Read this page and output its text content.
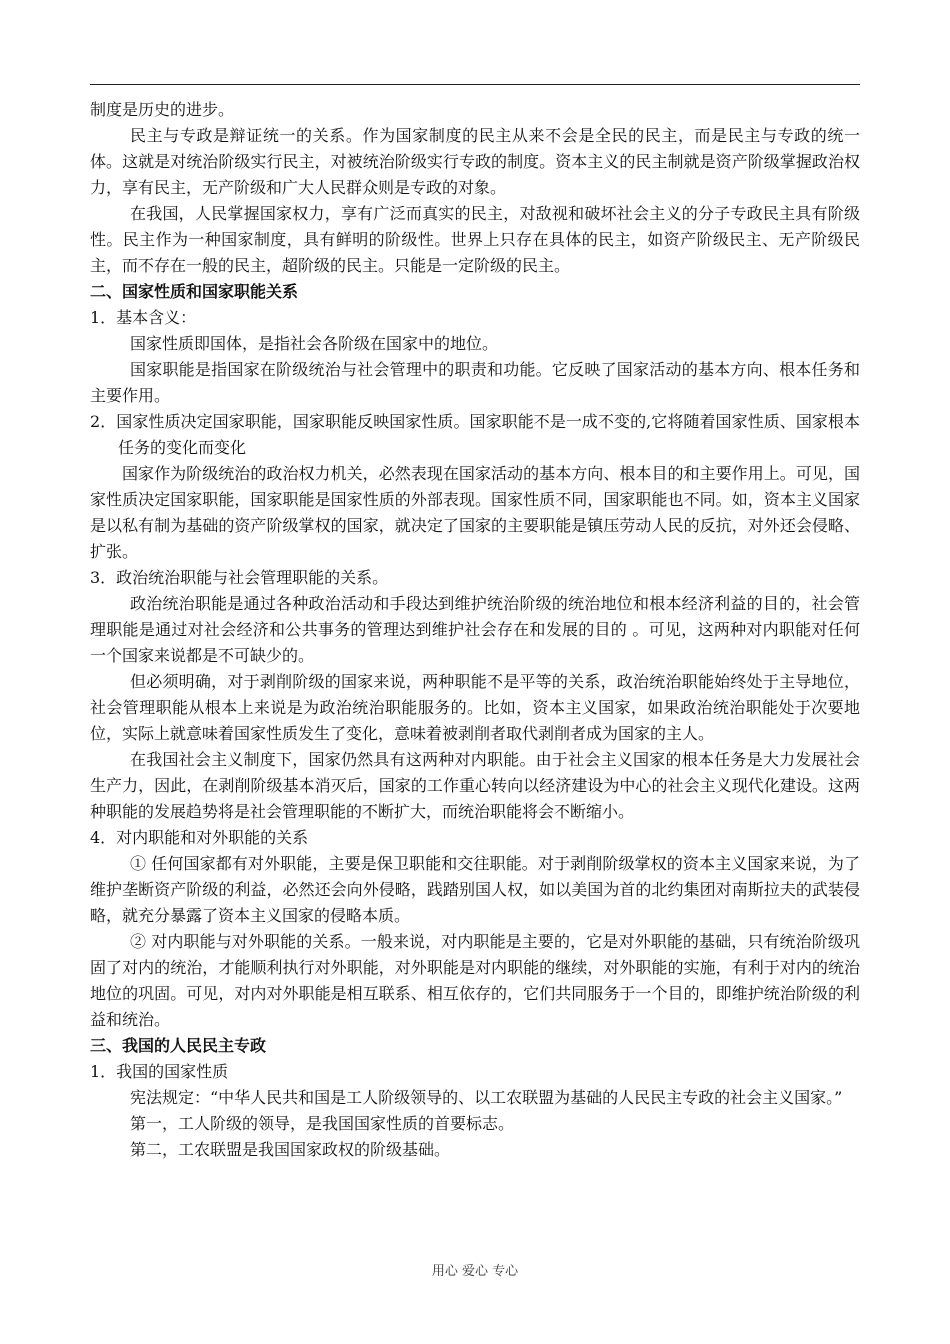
制度是历史的进步。

民主与专政是辩证统一的关系。作为国家制度的民主从来不会是全民的民主，而是民主与专政的统一体。这就是对统治阶级实行民主，对被统治阶级实行专政的制度。资本主义的民主制就是资产阶级掌握政治权力，享有民主，无产阶级和广大人民群众则是专政的对象。

在我国，人民掌握国家权力，享有广泛而真实的民主，对敌视和破坏社会主义的分子专政民主具有阶级性。民主作为一种国家制度，具有鲜明的阶级性。世界上只存在具体的民主，如资产阶级民主、无产阶级民主，而不存在一般的民主，超阶级的民主。只能是一定阶级的民主。

二、国家性质和国家职能关系

1．基本含义：

国家性质即国体，是指社会各阶级在国家中的地位。

国家职能是指国家在阶级统治与社会管理中的职责和功能。它反映了国家活动的基本方向、根本任务和主要作用。

2．国家性质决定国家职能，国家职能反映国家性质。国家职能不是一成不变的,它将随着国家性质、国家根本任务的变化而变化

国家作为阶级统治的政治权力机关，必然表现在国家活动的基本方向、根本目的和主要作用上。可见，国家性质决定国家职能，国家职能是国家性质的外部表现。国家性质不同，国家职能也不同。如，资本主义国家是以私有制为基础的资产阶级掌权的国家，就决定了国家的主要职能是镇压劳动人民的反抗，对外还会侵略、扩张。

3．政治统治职能与社会管理职能的关系。

政治统治职能是通过各种政治活动和手段达到维护统治阶级的统治地位和根本经济利益的目的，社会管理职能是通过对社会经济和公共事务的管理达到维护社会存在和发展的目的 。可见，这两种对内职能对任何一个国家来说都是不可缺少的。

但必须明确，对于剥削阶级的国家来说，两种职能不是平等的关系，政治统治职能始终处于主导地位，社会管理职能从根本上来说是为政治统治职能服务的。比如，资本主义国家，如果政治统治职能处于次要地位，实际上就意味着国家性质发生了变化，意味着被剥削者取代剥削者成为国家的主人。

在我国社会主义制度下，国家仍然具有这两种对内职能。由于社会主义国家的根本任务是大力发展社会生产力，因此，在剥削阶级基本消灭后，国家的工作重心转向以经济建设为中心的社会主义现代化建设。这两种职能的发展趋势将是社会管理职能的不断扩大，而统治职能将会不断缩小。

4．对内职能和对外职能的关系

① 任何国家都有对外职能，主要是保卫职能和交往职能。对于剥削阶级掌权的资本主义国家来说，为了维护垄断资产阶级的利益，必然还会向外侵略，践踏别国人权，如以美国为首的北约集团对南斯拉夫的武装侵略，就充分暴露了资本主义国家的侵略本质。

② 对内职能与对外职能的关系。一般来说，对内职能是主要的，它是对外职能的基础，只有统治阶级巩固了对内的统治，才能顺利执行对外职能，对外职能是对内职能的继续，对外职能的实施，有利于对内的统治地位的巩固。可见，对内对外职能是相互联系、相互依存的，它们共同服务于一个目的，即维护统治阶级的利益和统治。

三、我国的人民民主专政

1．我国的国家性质

宪法规定：“中华人民共和国是工人阶级领导的、以工农联盟为基础的人民民主专政的社会主义国家。”

第一，工人阶级的领导，是我国国家性质的首要标志。

第二，工农联盟是我国国家政权的阶级基础。

用心 爱心 专心
